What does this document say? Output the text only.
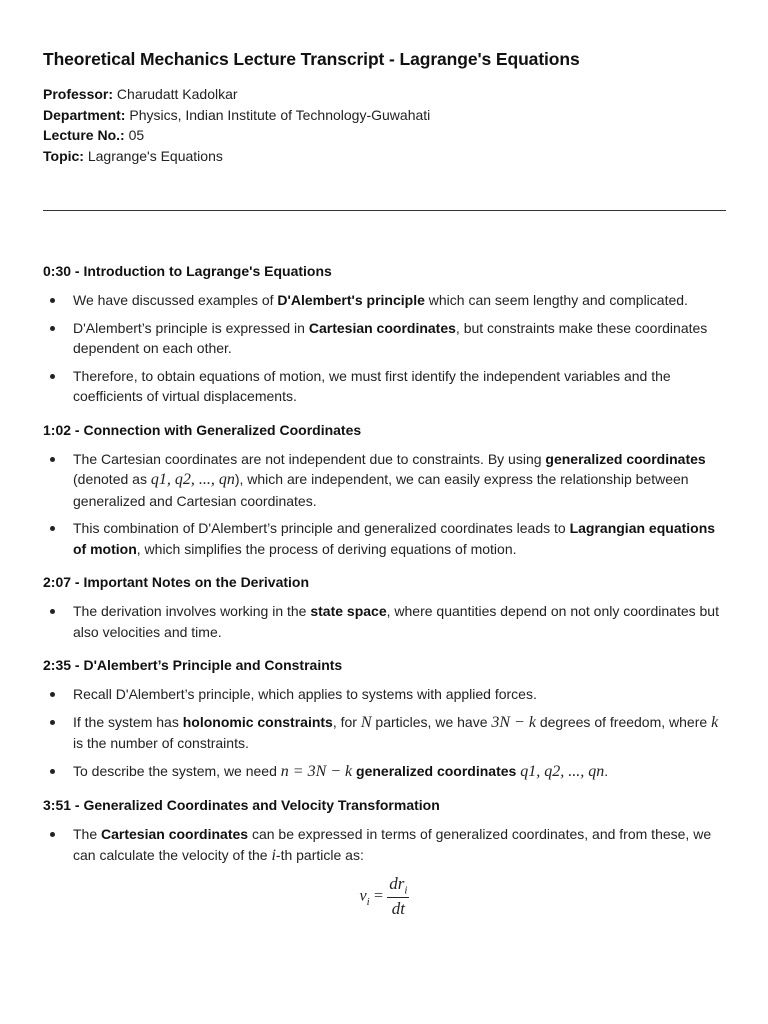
Theoretical Mechanics Lecture Transcript - Lagrange's Equations
Professor: Charudatt Kadolkar
Department: Physics, Indian Institute of Technology-Guwahati
Lecture No.: 05
Topic: Lagrange's Equations
0:30 - Introduction to Lagrange's Equations
We have discussed examples of D'Alembert's principle which can seem lengthy and complicated.
D'Alembert’s principle is expressed in Cartesian coordinates, but constraints make these coordinates dependent on each other.
Therefore, to obtain equations of motion, we must first identify the independent variables and the coefficients of virtual displacements.
1:02 - Connection with Generalized Coordinates
The Cartesian coordinates are not independent due to constraints. By using generalized coordinates (denoted as q1, q2, ..., qn), which are independent, we can easily express the relationship between generalized and Cartesian coordinates.
This combination of D'Alembert’s principle and generalized coordinates leads to Lagrangian equations of motion, which simplifies the process of deriving equations of motion.
2:07 - Important Notes on the Derivation
The derivation involves working in the state space, where quantities depend on not only coordinates but also velocities and time.
2:35 - D'Alembert’s Principle and Constraints
Recall D'Alembert’s principle, which applies to systems with applied forces.
If the system has holonomic constraints, for N particles, we have 3N − k degrees of freedom, where k is the number of constraints.
To describe the system, we need n = 3N − k generalized coordinates q1, q2, ..., qn.
3:51 - Generalized Coordinates and Velocity Transformation
The Cartesian coordinates can be expressed in terms of generalized coordinates, and from these, we can calculate the velocity of the i-th particle as:
$v_i = \frac{dr_i}{dt}$
